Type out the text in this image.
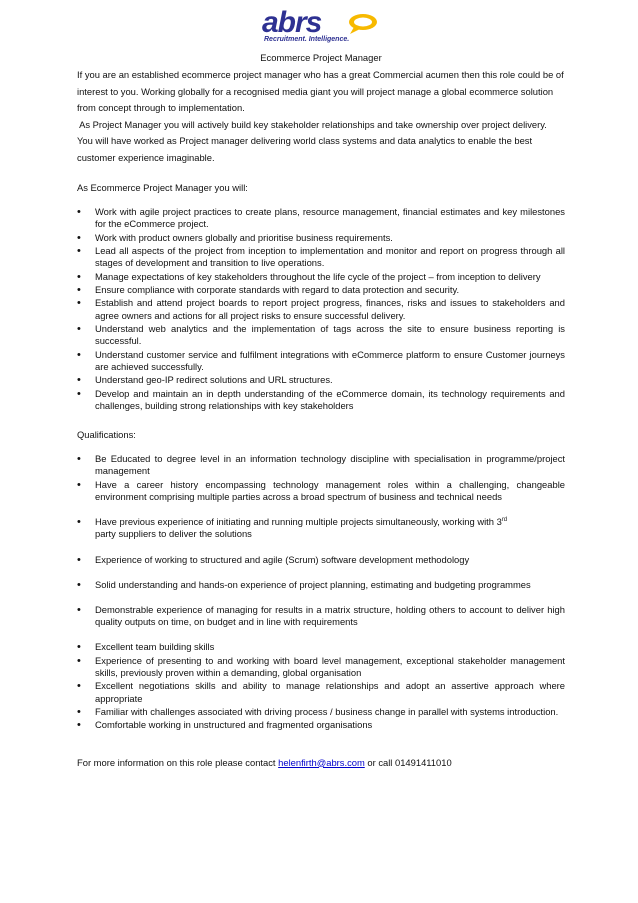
abrs
Recruitment. Intelligence.

Ecommerce Project Manager

If you are an established ecommerce project manager who has a great Commercial acumen then this role could be of interest to you. Working globally for a recognised media giant you will project manage a global ecommerce solution from concept through to implementation.

As Project Manager you will actively build key stakeholder relationships and take ownership over project delivery.

You will have worked as Project manager delivering world class systems and data analytics to enable the best customer experience imaginable.

As Ecommerce Project Manager you will:

• Work with agile project practices to create plans, resource management, financial estimates and key milestones for the eCommerce project.
• Work with product owners globally and prioritise business requirements.
• Lead all aspects of the project from inception to implementation and monitor and report on progress through all stages of development and transition to live operations.
• Manage expectations of key stakeholders throughout the life cycle of the project – from inception to delivery
• Ensure compliance with corporate standards with regard to data protection and security.
• Establish and attend project boards to report project progress, finances, risks and issues to stakeholders and agree owners and actions for all project risks to ensure successful delivery.
• Understand web analytics and the implementation of tags across the site to ensure business reporting is successful.
• Understand customer service and fulfilment integrations with eCommerce platform to ensure Customer journeys are achieved successfully.
• Understand geo-IP redirect solutions and URL structures.
• Develop and maintain an in depth understanding of the eCommerce domain, its technology requirements and challenges, building strong relationships with key stakeholders

Qualifications:

• Be Educated to degree level in an information technology discipline with specialisation in programme/project management
• Have a career history encompassing technology management roles within a challenging, changeable environment comprising multiple parties across a broad spectrum of business and technical needs
• Have previous experience of initiating and running multiple projects simultaneously, working with 3rd
party suppliers to deliver the solutions
• Experience of working to structured and agile (Scrum) software development methodology
• Solid understanding and hands-on experience of project planning, estimating and budgeting programmes
• Demonstrable experience of managing for results in a matrix structure, holding others to account to deliver high quality outputs on time, on budget and in line with requirements
• Excellent team building skills
• Experience of presenting to and working with board level management, exceptional stakeholder management skills, previously proven within a demanding, global organisation
• Excellent negotiations skills and ability to manage relationships and adopt an assertive approach where appropriate
• Familiar with challenges associated with driving process / business change in parallel with systems introduction.
• Comfortable working in unstructured and fragmented organisations

For more information on this role please contact helenfirth@abrs.com or call 01491411010
